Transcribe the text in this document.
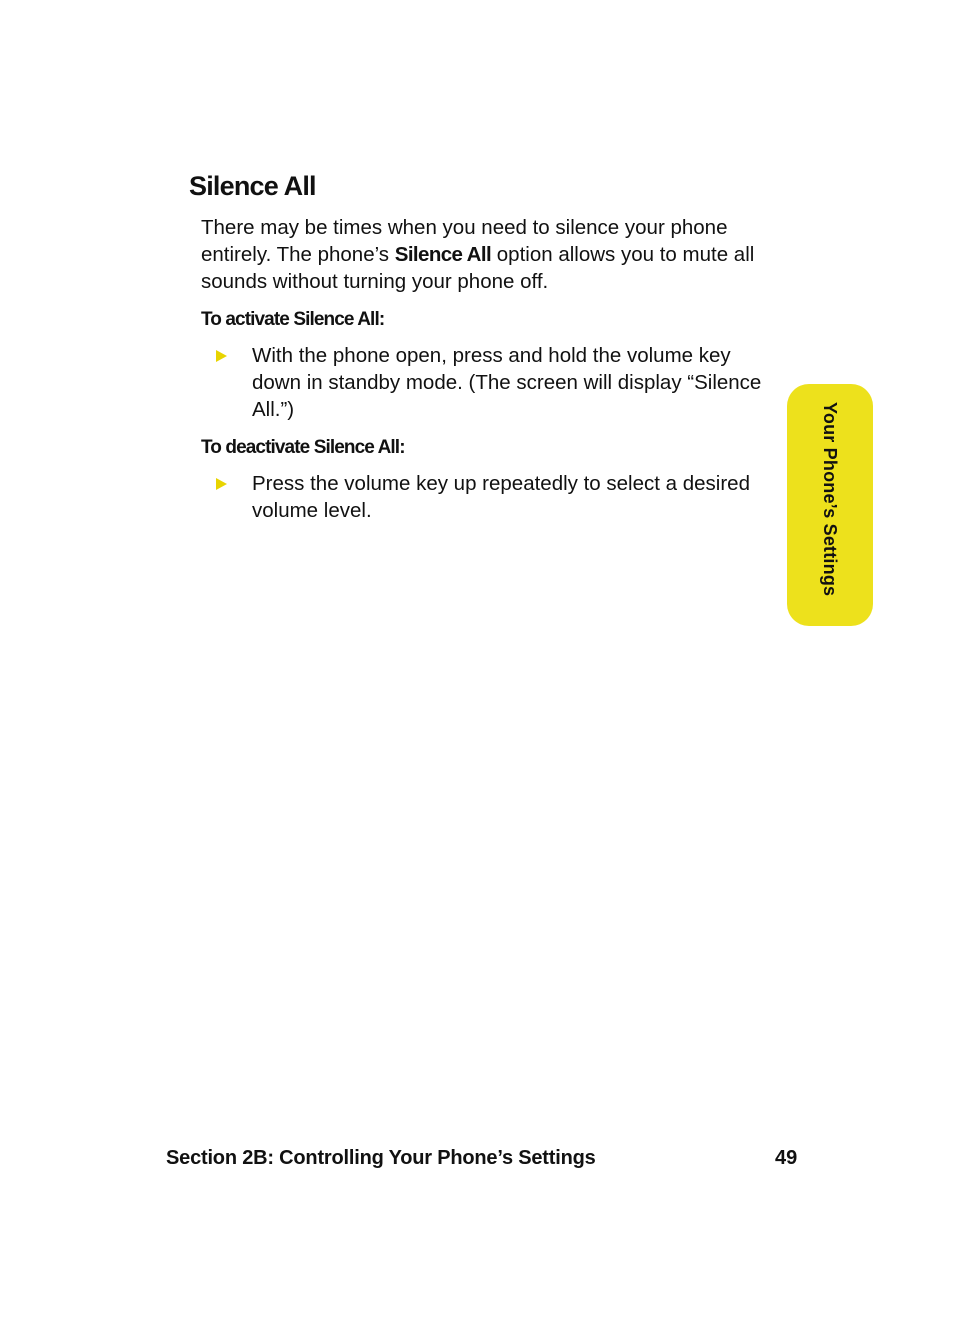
Silence All

There may be times when you need to silence your phone entirely. The phone’s Silence All option allows you to mute all sounds without turning your phone off.

To activate Silence All:

With the phone open, press and hold the volume key down in standby mode. (The screen will display “Silence All.”)

To deactivate Silence All:

Press the volume key up repeatedly to select a desired volume level.	Your Phone’s Settings
Section 2B: Controlling Your Phone’s Settings	49
